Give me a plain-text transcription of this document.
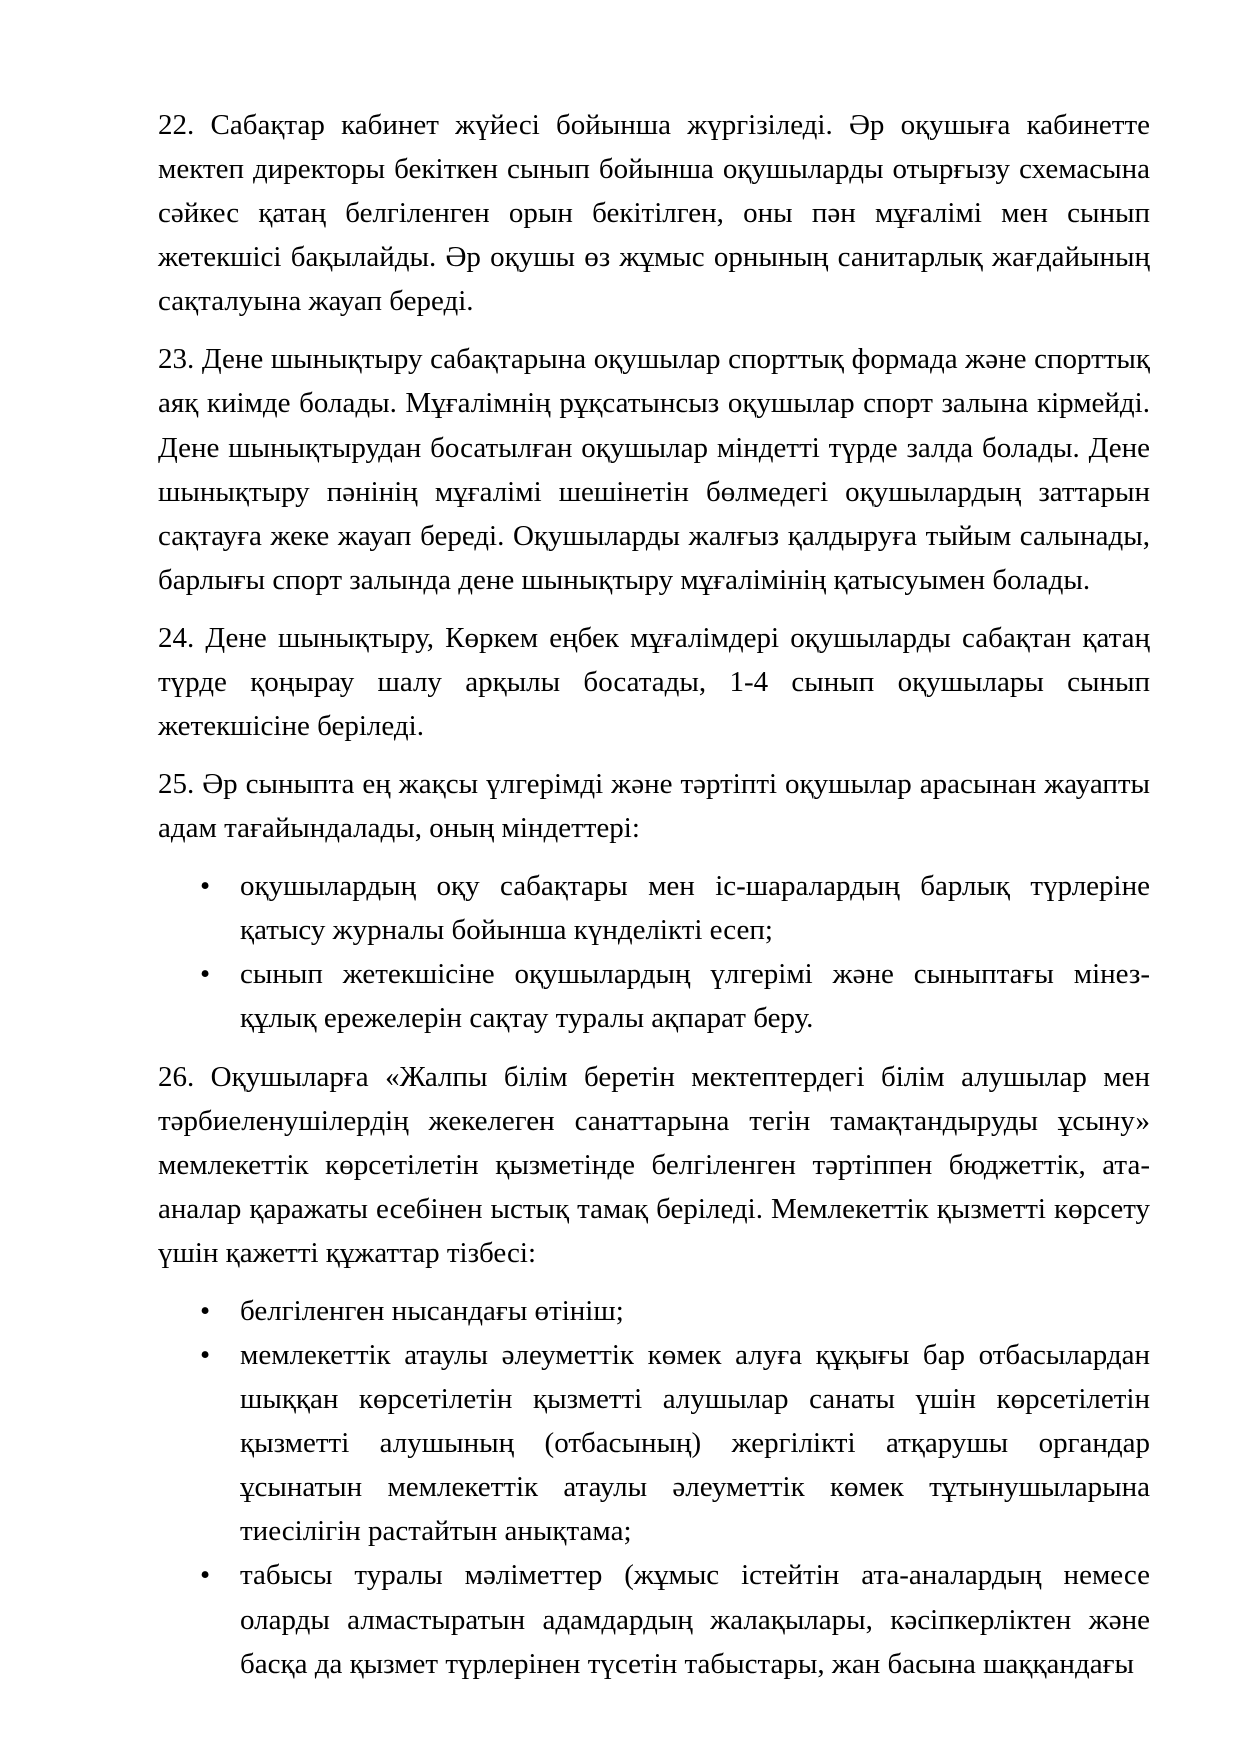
22. Сабақтар кабинет жүйесі бойынша жүргізіледі. Әр оқушыға кабинетте мектеп директоры бекіткен сынып бойынша оқушыларды отырғызу схемасына сәйкес қатаң белгіленген орын бекітілген, оны пән мұғалімі мен сынып жетекшісі бақылайды. Әр оқушы өз жұмыс орнының санитарлық жағдайының сақталуына жауап береді.

23. Дене шынықтыру сабақтарына оқушылар спорттық формада және спорттық аяқ киімде болады. Мұғалімнің рұқсатынсыз оқушылар спорт залына кірмейді. Дене шынықтырудан босатылған оқушылар міндетті түрде залда болады. Дене шынықтыру пәнінің мұғалімі шешінетін бөлмедегі оқушылардың заттарын сақтауға жеке жауап береді. Оқушыларды жалғыз қалдыруға тыйым салынады, барлығы спорт залында дене шынықтыру мұғалімінің қатысуымен болады.

24. Дене шынықтыру, Көркем еңбек мұғалімдері оқушыларды сабақтан қатаң түрде қоңырау шалу арқылы босатады, 1-4 сынып оқушылары сынып жетекшісіне беріледі.

25. Әр сыныпта ең жақсы үлгерімді және тәртіпті оқушылар арасынан жауапты адам тағайындалады, оның міндеттері:

• оқушылардың оқу сабақтары мен іс-шаралардың барлық түрлеріне қатысу журналы бойынша күнделікті есеп;
• сынып жетекшісіне оқушылардың үлгерімі және сыныптағы мінез-құлық ережелерін сақтау туралы ақпарат беру.

26. Оқушыларға «Жалпы білім беретін мектептердегі білім алушылар мен тәрбиеленушілердің жекелеген санаттарына тегін тамақтандыруды ұсыну» мемлекеттік көрсетілетін қызметінде белгіленген тәртіппен бюджеттік, ата-аналар қаражаты есебінен ыстық тамақ беріледі. Мемлекеттік қызметті көрсету үшін қажетті құжаттар тізбесі:

• белгіленген нысандағы өтініш;
• мемлекеттік атаулы әлеуметтік көмек алуға құқығы бар отбасылардан шыққан көрсетілетін қызметті алушылар санаты үшін көрсетілетін қызметті алушының (отбасының) жергілікті атқарушы органдар ұсынатын мемлекеттік атаулы әлеуметтік көмек тұтынушыларына тиесілігін растайтын анықтама;
• табысы туралы мәліметтер (жұмыс істейтін ата-аналардың немесе оларды алмастыратын адамдардың жалақылары, кәсіпкерліктен және басқа да қызмет түрлерінен түсетін табыстары, жан басына шаққандағы
